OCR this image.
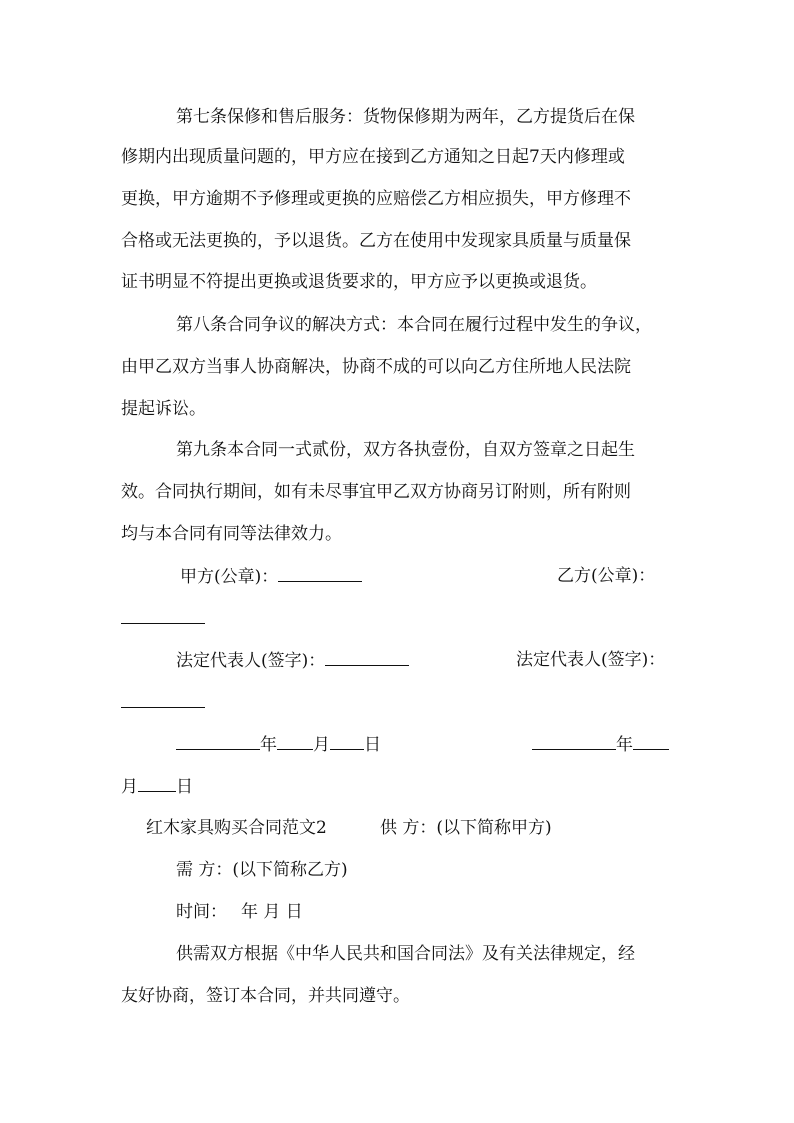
第七条保修和售后服务：货物保修期为两年，乙方提货后在保
修期内出现质量问题的，甲方应在接到乙方通知之日起7天内修理或
更换，甲方逾期不予修理或更换的应赔偿乙方相应损失，甲方修理不
合格或无法更换的，予以退货。乙方在使用中发现家具质量与质量保
证书明显不符提出更换或退货要求的，甲方应予以更换或退货。
第八条合同争议的解决方式：本合同在履行过程中发生的争议，
由甲乙双方当事人协商解决，协商不成的可以向乙方住所地人民法院
提起诉讼。
第九条本合同一式贰份，双方各执壹份，自双方签章之日起生
效。合同执行期间，如有未尽事宜甲乙双方协商另订附则，所有附则
均与本合同有同等法律效力。
甲方(公章)：	乙方(公章)：
法定代表人(签字)：	法定代表人(签字)：
年 月 日	年
月 日
红木家具购买合同范文2	供 方：(以下简称甲方)
需 方：(以下简称乙方)
时间： 年 月 日
供需双方根据《中华人民共和国合同法》及有关法律规定，经
友好协商，签订本合同，并共同遵守。
